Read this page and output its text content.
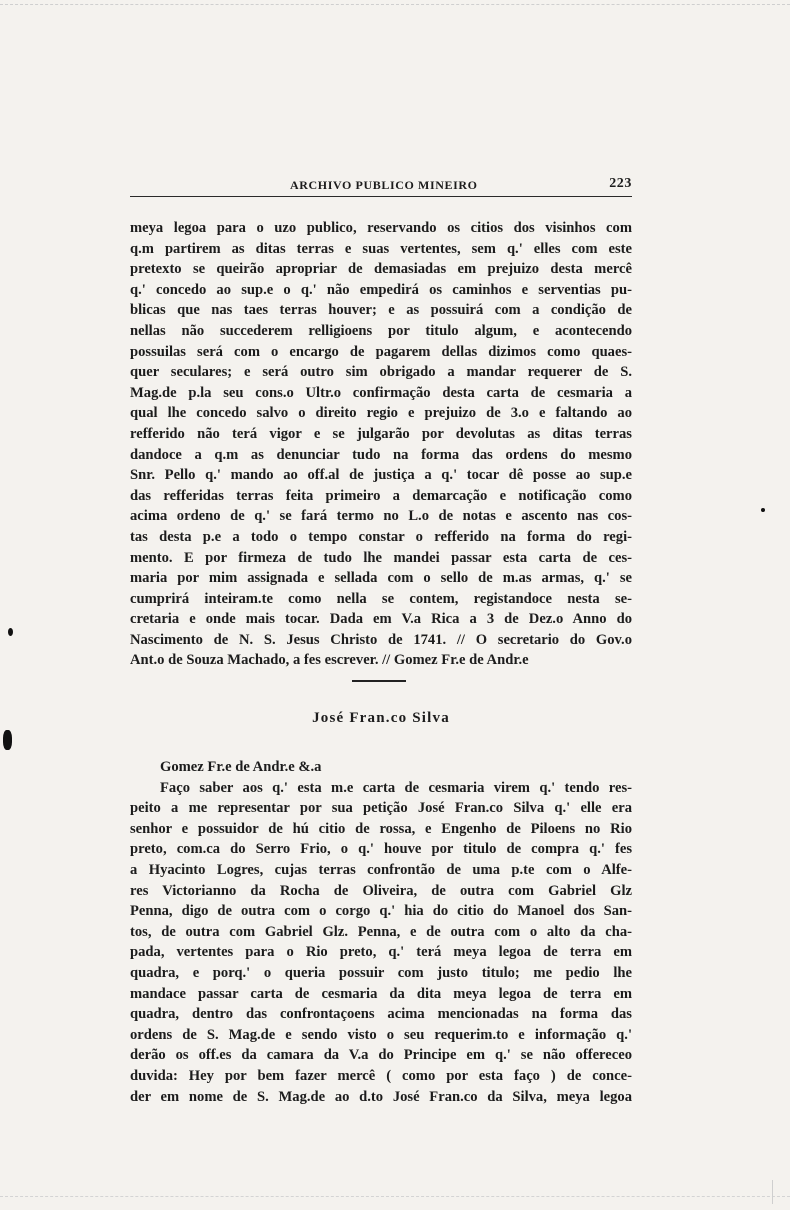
ARCHIVO PUBLICO MINEIRO	223
meya legoa para o uzo publico, reservando os citios dos visinhos com
q.m partirem as ditas terras e suas vertentes, sem q.' elles com este
pretexto se queirão apropriar de demasiadas em prejuizo desta mercê
q.' concedo ao sup.e o q.' não empedirá os caminhos e serventias pu-
blicas que nas taes terras houver; e as possuirá com a condição de
nellas não succederem relligioens por titulo algum, e acontecendo
possuilas será com o encargo de pagarem dellas dizimos como quaes-
quer seculares; e será outro sim obrigado a mandar requerer de S.
Mag.de p.la seu cons.o Ultr.o confirmação desta carta de cesmaria a
qual lhe concedo salvo o direito regio e prejuizo de 3.o e faltando ao
refferido não terá vigor e se julgarão por devolutas as ditas terras
dandoce a q.m as denunciar tudo na forma das ordens do mesmo
Snr. Pello q.' mando ao off.al de justiça a q.' tocar dê posse ao sup.e
das refferidas terras feita primeiro a demarcação e notificação como
acima ordeno de q.' se fará termo no L.o de notas e asсento nas cos-
tas desta p.e a todo o tempo constar o refferido na forma do regi-
mento. E por firmeza de tudo lhe mandei passar esta carta de ces-
maria por mim assignada e sellada com o sello de m.as armas, q.' se
cumprirá inteiram.te como nella se contem, registandoce nesta se-
cretaria e onde mais tocar. Dada em V.a Rica a 3 de Dez.o Anno do
Nascimento de N. S. Jesus Christo de 1741. // O secretario do Gov.o
Ant.o de Souza Machado, a fes escrever. // Gomez Fr.e de Andr.e
José Fran.co Silva
Gomez Fr.e de Andr.e &.a
Faço saber aos q.' esta m.e carta de cesmaria virem q.' tendo res-
peito a me representar por sua petição José Fran.co Silva q.' elle era
senhor e possuidor de hú citio de rossa, e Engenho de Piloens no Rio
preto, com.ca do Serro Frio, o q.' houve por titulo de compra q.' fes
a Hyacinto Logres, cujas terras confrontão de uma p.te com o Alfe-
res Victorianno da Rocha de Oliveira, de outra com Gabriel Glz
Penna, digo de outra com o corgo q.' hia do citio do Manoel dos San-
tos, de outra com Gabriel Glz. Penna, e de outra com o alto da cha-
pada, vertentes para o Rio preto, q.' terá meya legoa de terra em
quadra, e porq.' o queria possuir com justo titulo; me pedio lhe
mandace passar carta de cesmaria da dita meya legoa de terra em
quadra, dentro das confrontaçoens acima mencionadas na forma das
ordens de S. Mag.de e sendo visto o seu requerim.to e informação q.'
derão os off.es da camara da V.a do Principe em q.' se não offereceo
duvida: Hey por bem fazer mercê ( como por esta faço ) de conce-
der em nome de S. Mag.de ao d.to José Fran.co da Silva, meya legoa
